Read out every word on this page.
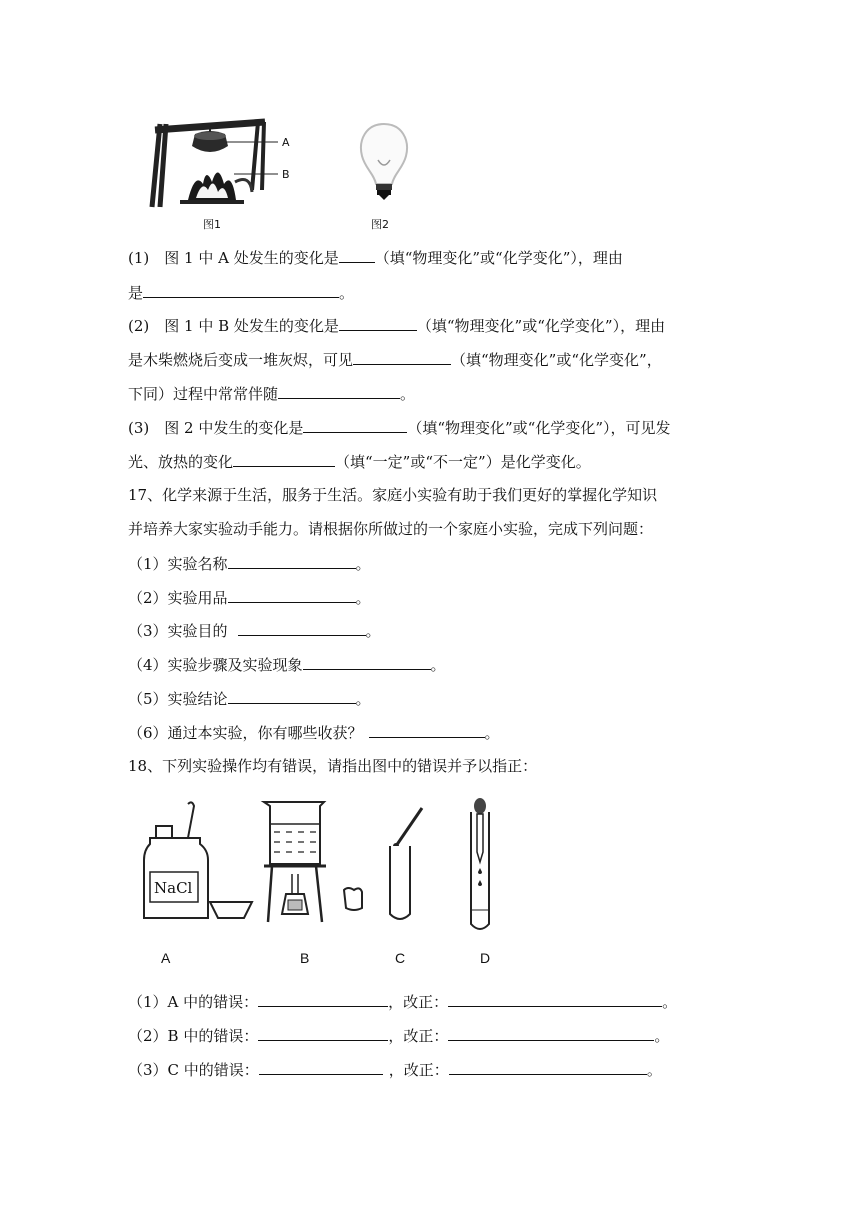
A
B
图1	图2
(1)　图 1 中 A 处发生的变化是 （填“物理变化”或“化学变化”），理由
是	。
(2)　图 1 中 B 处发生的变化是	（填“物理变化”或“化学变化”），理由
是木柴燃烧后变成一堆灰烬，可见	（填“物理变化”或“化学变化”，
下同）过程中常常伴随	。
(3)　图 2 中发生的变化是	（填“物理变化”或“化学变化”），可见发
光、放热的变化	（填“一定”或“不一定”）是化学变化。
17、化学来源于生活，服务于生活。家庭小实验有助于我们更好的掌握化学知识
并培养大家实验动手能力。请根据你所做过的一个家庭小实验，完成下列问题：
（1）实验名称	。
（2）实验用品	。
（3）实验目的	。
（4）实验步骤及实验现象	。
（5）实验结论	。
（6）通过本实验，你有哪些收获？	。
18、下列实验操作均有错误，请指出图中的错误并予以指正：
NaCl
A	B	C	D
（1）A 中的错误：	，改正：	。
（2）B 中的错误：	，改正：	。
（3）C 中的错误：	，改正：	。
